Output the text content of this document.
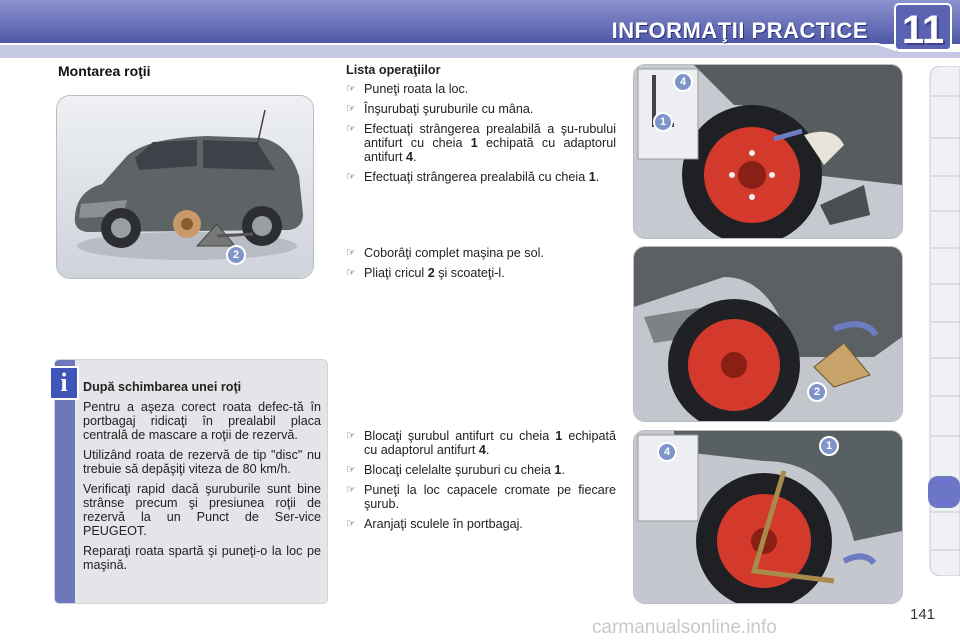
INFORMAŢII PRACTICE 11
Montarea roţii
2
i	După schimbarea unei roţi

Pentru a aşeza corect roata defec-tă în portbagaj ridicaţi în prealabil placa centrală de mascare a roţii de rezervă.

Utilizând roata de rezervă de tip "disc" nu trebuie să depăşiţi viteza de 80 km/h.

Verificaţi rapid dacă şuruburile sunt bine strânse precum şi presiunea roţii de rezervă la un Punct de Ser-vice PEUGEOT.

Reparaţi roata spartă şi puneţi-o la loc pe maşină.

Lista operaţiilor
☞ Puneţi roata la loc.
☞ Înşurubaţi şuruburile cu mâna.
☞ Efectuaţi strângerea prealabilă a şu-rubului antifurt cu cheia 1 echipată cu adaptorul antifurt 4.
☞ Efectuaţi strângerea prealabilă cu cheia 1.
☞ Coborâţi complet maşina pe sol.
☞ Pliaţi cricul 2 şi scoateţi-l.
☞ Blocaţi şurubul antifurt cu cheia 1 echipată cu adaptorul antifurt 4.
☞ Blocaţi celelalte şuruburi cu cheia 1.
☞ Puneţi la loc capacele cromate pe fiecare şurub.
☞ Aranjaţi sculele în portbagaj.
1
4
2
4	1
141
carmanualsonline.info
